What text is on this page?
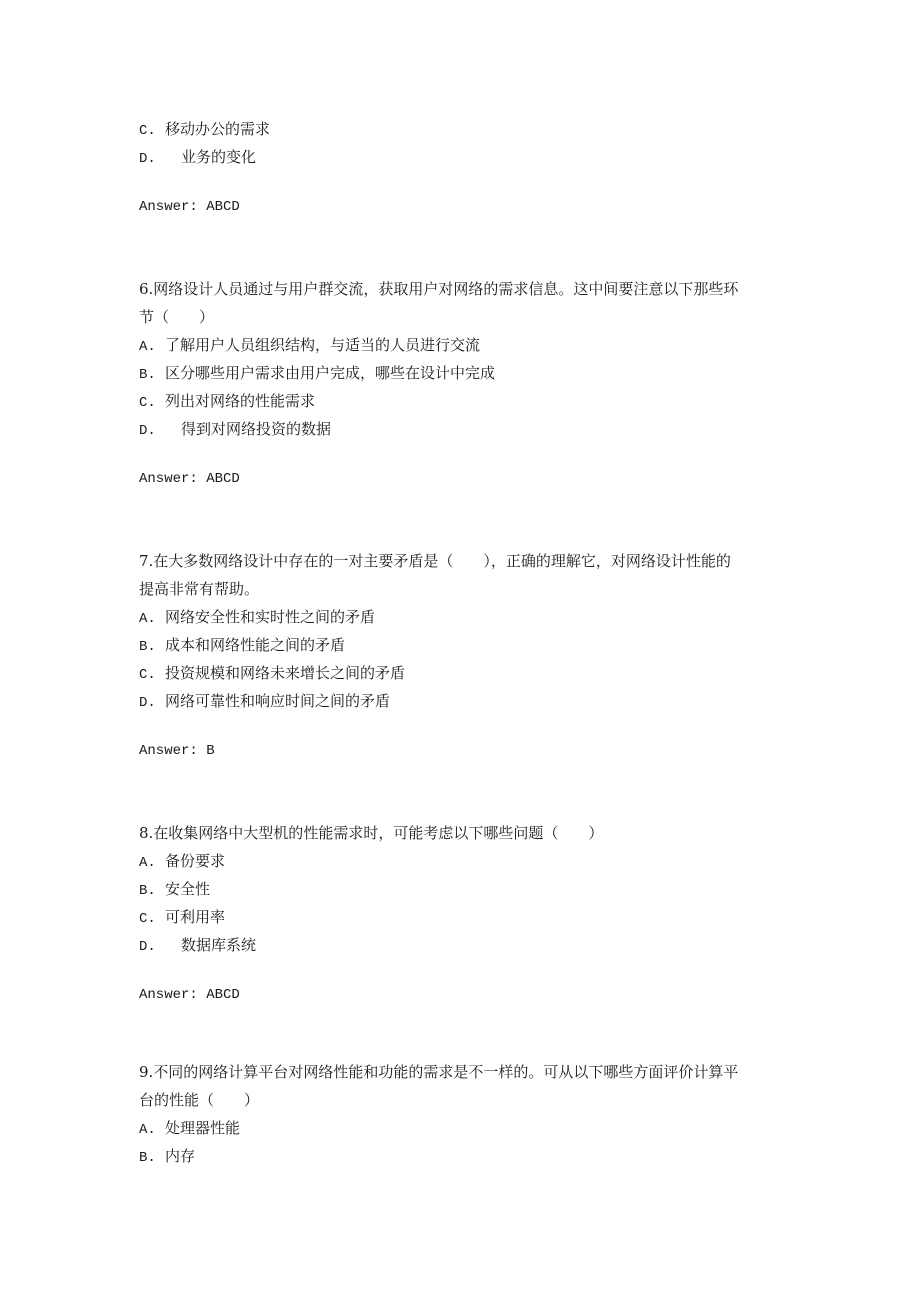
C. 移动办公的需求
D. 业务的变化
Answer: ABCD
6.网络设计人员通过与用户群交流，获取用户对网络的需求信息。这中间要注意以下那些环
节（　　）
A. 了解用户人员组织结构，与适当的人员进行交流
B. 区分哪些用户需求由用户完成，哪些在设计中完成
C. 列出对网络的性能需求
D. 得到对网络投资的数据
Answer: ABCD
7.在大多数网络设计中存在的一对主要矛盾是（　　），正确的理解它，对网络设计性能的
提高非常有帮助。
A. 网络安全性和实时性之间的矛盾
B. 成本和网络性能之间的矛盾
C. 投资规模和网络未来增长之间的矛盾
D. 网络可靠性和响应时间之间的矛盾
Answer: B
8.在收集网络中大型机的性能需求时，可能考虑以下哪些问题（　　）
A. 备份要求
B. 安全性
C. 可利用率
D. 数据库系统
Answer: ABCD
9.不同的网络计算平台对网络性能和功能的需求是不一样的。可从以下哪些方面评价计算平
台的性能（　　）
A. 处理器性能
B. 内存
